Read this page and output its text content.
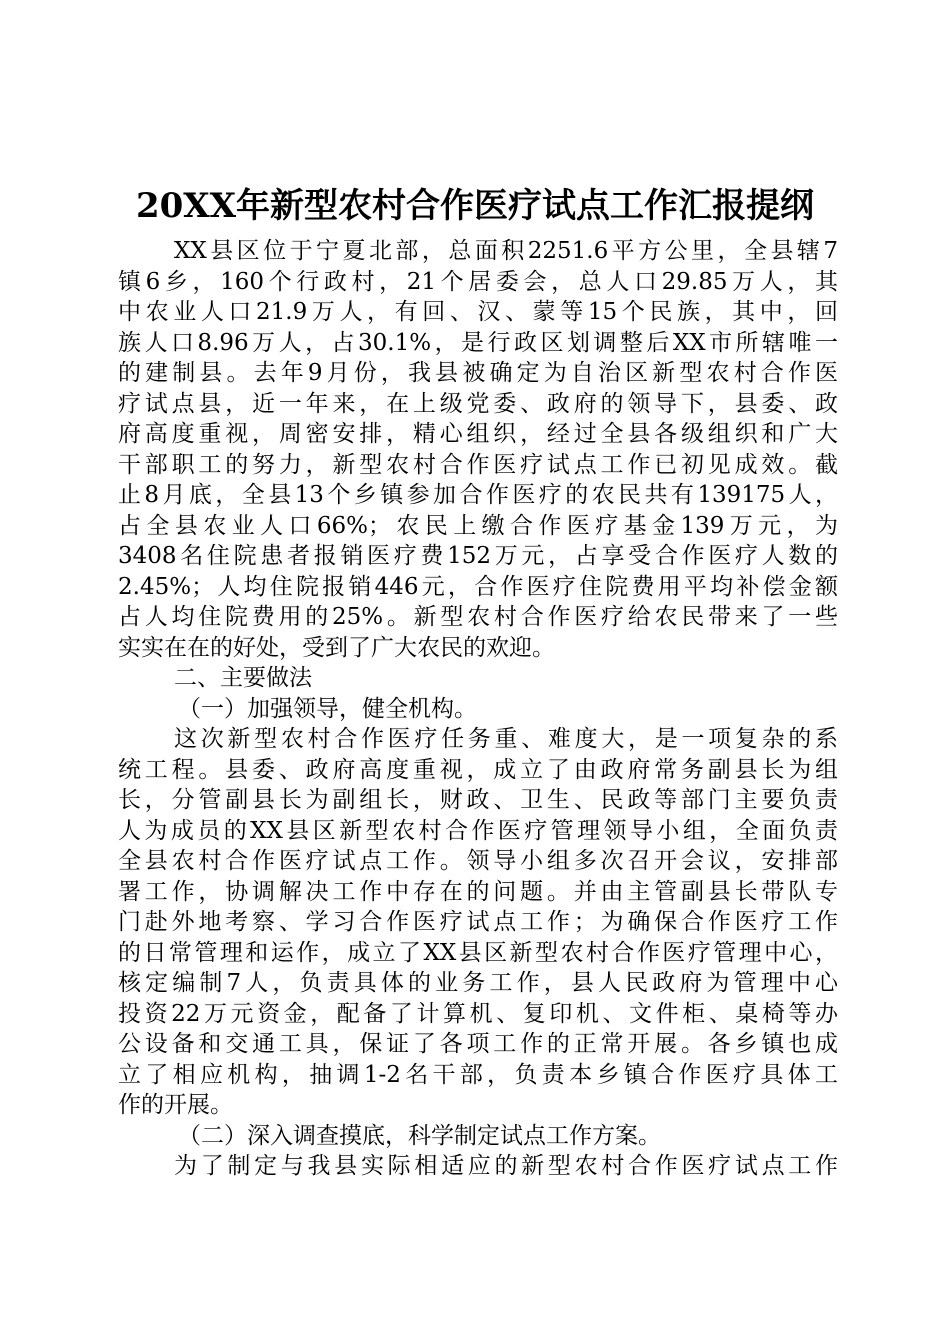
20XX年新型农村合作医疗试点工作汇报提纲
XX县区位于宁夏北部，总面积2251.6平方公里，全县辖7
镇6乡，160个行政村，21个居委会，总人口29.85万人，其
中农业人口21.9万人，有回、汉、蒙等15个民族，其中，回
族人口8.96万人，占30.1%，是行政区划调整后XX市所辖唯一
的建制县。去年9月份，我县被确定为自治区新型农村合作医
疗试点县，近一年来，在上级党委、政府的领导下，县委、政
府高度重视，周密安排，精心组织，经过全县各级组织和广大
干部职工的努力，新型农村合作医疗试点工作已初见成效。截
止8月底，全县13个乡镇参加合作医疗的农民共有139175人，
占全县农业人口66%；农民上缴合作医疗基金139万元，为
3408名住院患者报销医疗费152万元，占享受合作医疗人数的
2.45%；人均住院报销446元，合作医疗住院费用平均补偿金额
占人均住院费用的25%。新型农村合作医疗给农民带来了一些
实实在在的好处，受到了广大农民的欢迎。
二、主要做法
（一）加强领导，健全机构。
这次新型农村合作医疗任务重、难度大，是一项复杂的系
统工程。县委、政府高度重视，成立了由政府常务副县长为组
长，分管副县长为副组长，财政、卫生、民政等部门主要负责
人为成员的XX县区新型农村合作医疗管理领导小组，全面负责
全县农村合作医疗试点工作。领导小组多次召开会议，安排部
署工作，协调解决工作中存在的问题。并由主管副县长带队专
门赴外地考察、学习合作医疗试点工作；为确保合作医疗工作
的日常管理和运作，成立了XX县区新型农村合作医疗管理中心，
核定编制7人，负责具体的业务工作，县人民政府为管理中心
投资22万元资金，配备了计算机、复印机、文件柜、桌椅等办
公设备和交通工具，保证了各项工作的正常开展。各乡镇也成
立了相应机构，抽调1-2名干部，负责本乡镇合作医疗具体工
作的开展。
（二）深入调查摸底，科学制定试点工作方案。
为了制定与我县实际相适应的新型农村合作医疗试点工作
